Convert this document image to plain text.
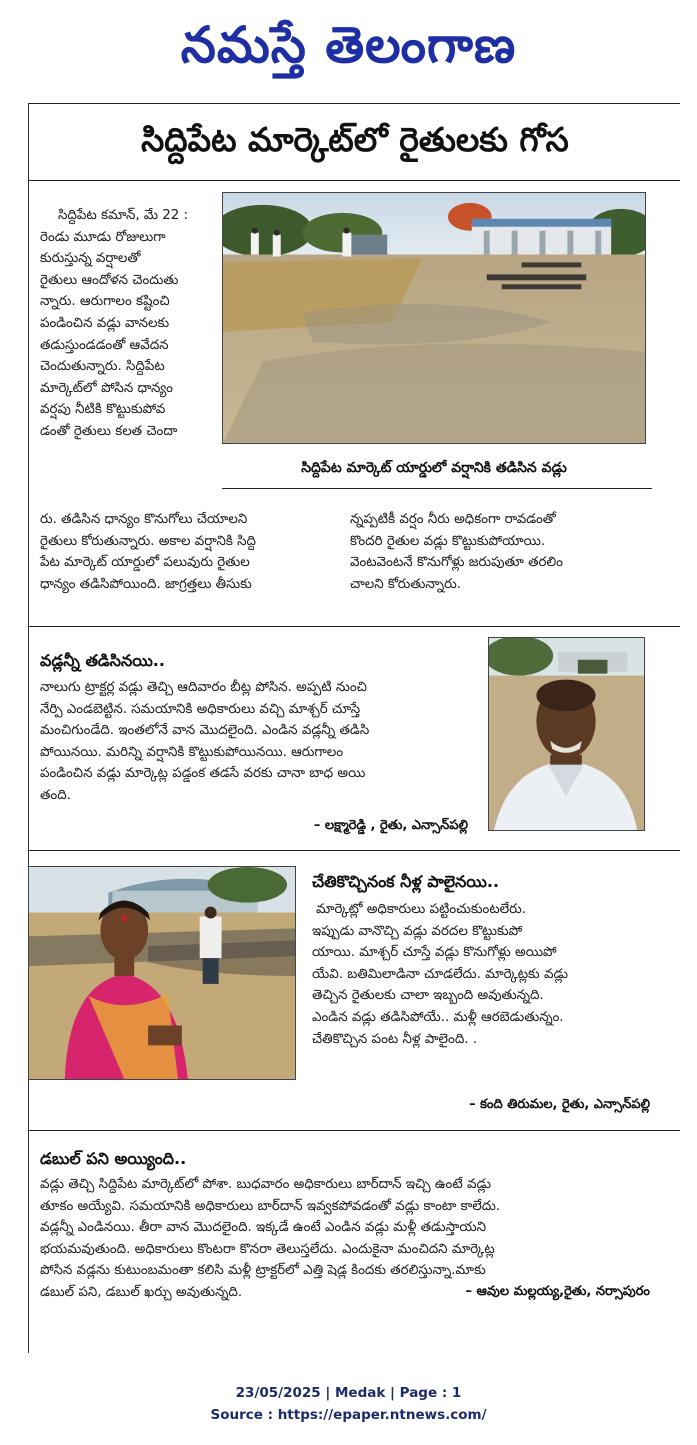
నమస్తే తెలంగాణ
సిద్దిపేట మార్కెట్‌లో రైతులకు గోస

సిద్దిపేట కమాన్‌, మే 22 :

రెండు మూడు రోజులుగా

కురుస్తున్న వర్షాలతో

రైతులు ఆందోళన చెందుతు

న్నారు. ఆరుగాలం కష్టించి

పండించిన వడ్లు వానలకు

తడుస్తుండడంతో ఆవేదన

చెందుతున్నారు. సిద్దిపేట

మార్కెట్‌లో పోసిన ధాన్యం

వర్షపు నీటికి కొట్టుకుపోవ

డంతో రైతులు కలత చెందా

సిద్దిపేట మార్కెట్‌ యార్డులో వర్షానికి తడిసిన వడ్లు

రు. తడిసిన ధాన్యం కొనుగోలు చేయాలని

రైతులు కోరుతున్నారు. అకాల వర్షానికి సిద్ది

పేట మార్కెట్‌ యార్డులో పలువురు రైతుల

ధాన్యం తడిసిపోయింది. జాగ్రత్తలు తీసుకు

న్నప్పటికీ వర్షం నీరు అధికంగా రావడంతో

కొందరి రైతుల వడ్లు కొట్టుకుపోయాయి.

వెంటవెంటనే కొనుగోళ్లు జరుపుతూ తరలిం

చాలని కోరుతున్నారు.

వడ్లన్నీ తడిసినయి..

నాలుగు ట్రాక్టర్ల వడ్లు తెచ్చి ఆదివారం బీట్ల పోసిన. అప్పటి నుంచి

నేర్పి ఎండబెట్టిన. సమయానికి అధికారులు వచ్చి మాశ్చర్‌ చూస్తే

మంచిగుండేది. ఇంతలోనే వాన మొదలైంది. ఎండిన వడ్లన్నీ తడిసి

పోయినయి. మరిన్ని వర్షానికి కొట్టుకుపోయినయి. ఆరుగాలం

పండించిన వడ్లు మార్కెట్ల పడ్డంక తడసే వరకు చానా బాధ అయి

తంది.

– లక్ష్మారెడ్డి , రైతు, ఎన్సాన్‌పల్లి
చేతికొచ్చినంక నీళ్ల పాలైనయి..

మార్కెట్లో అధికారులు పట్టించుకుంటలేరు.

ఇప్పుడు వానొచ్చి వడ్లు వరదల కొట్టుకుపో

యాయి. మాశ్చర్‌ చూస్తే వడ్లు కొనుగోళ్లు అయిపో

యేవి. బతిమిలాడినా చూడలేదు. మార్కెట్లకు వడ్లు

తెచ్చిన రైతులకు చాలా ఇబ్బంది అవుతున్నది.

ఎండిన వడ్లు తడిసిపోయే.. మళ్లీ ఆరబెడుతున్నం.

చేతికొచ్చిన పంట నీళ్ల పాలైంది. .

– కంది తిరుమల, రైతు, ఎన్సాన్‌పల్లి
డబుల్‌ పని అయ్యింది..

వడ్లు తెచ్చి సిద్దిపేట మార్కెట్‌లో పోశా. బుధవారం అధికారులు బార్‌దాన్‌ ఇచ్చి ఉంటే వడ్లు

తూకం అయ్యేవి. సమయానికి అధికారులు బార్‌దాన్‌ ఇవ్వకపోవడంతో వడ్లు కాంటా కాలేదు.

వడ్లన్నీ ఎండినయి. తీరా వాన మొదలైంది. ఇక్కడే ఉంటే ఎండిన వడ్లు మళ్లీ తడుస్తాయని

భయమవుతుంది. అధికారులు కొంటరా కొనరా తెలుస్తలేదు. ఎందుకైనా మంచిదని మార్కెట్ల

పోసిన వడ్లను కుటుంబమంతా కలిసి మళ్లీ ట్రాక్టర్‌లో ఎత్తి షెడ్ల కిందకు తరలిస్తున్నా.మాకు

డబుల్‌ పని, డబుల్‌ ఖర్చు అవుతున్నది.	– ఆవుల మల్లయ్య,రైతు, నర్సాపురం
23/05/2025 | Medak | Page : 1
Source : https://epaper.ntnews.com/
